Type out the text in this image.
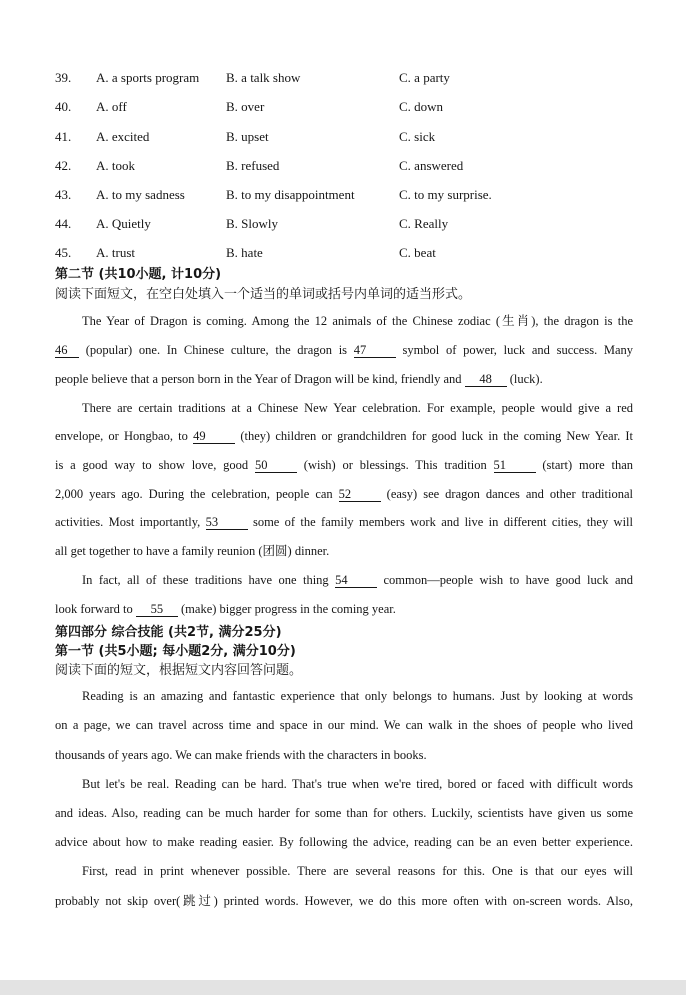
39. A. a sports program B. a talk show	C. a party
40. A. off	B. over	C. down
41. A. excited	B. upset	C. sick
42. A. took	B. refused	C. answered
43. A. to my sadness	B. to my disappointment	C. to my surprise.
44. A. Quietly	B. Slowly	C. Really
45. A. trust	B. hate	C. beat
第二节 (共10小题, 计10分)
阅读下面短文，在空白处填入一个适当的单词或括号内单词的适当形式。
The Year of Dragon is coming. Among the 12 animals of the Chinese zodiac (生肖), the dragon is the
46 (popular) one. In Chinese culture, the dragon is 47	symbol of power, luck and success. Many
people believe that a person born in the Year of Dragon will be kind, friendly and 48 (luck).
There are certain traditions at a Chinese New Year celebration. For example, people would give a red
envelope, or Hongbao, to 49	(they) children or grandchildren for good luck in the coming New Year. It
is a good way to show love, good 50	(wish) or blessings. This tradition 51	(start) more than
2,000 years ago. During the celebration, people can 52	(easy) see dragon dances and other traditional
activities. Most importantly, 53	some of the family members work and live in different cities, they will
all get together to have a family reunion (团圆) dinner.
In fact, all of these traditions have one thing 54	common—people wish to have good luck and
look forward to 55 (make) bigger progress in the coming year.
第四部分 综合技能 (共2节, 满分25分)
第一节 (共5小题; 每小题2分, 满分10分)
阅读下面的短文，根据短文内容回答问题。
Reading is an amazing and fantastic experience that only belongs to humans. Just by looking at words
on a page, we can travel across time and space in our mind. We can walk in the shoes of people who lived
thousands of years ago. We can make friends with the characters in books.
But let's be real. Reading can be hard. That's true when we're tired, bored or faced with difficult words
and ideas. Also, reading can be much harder for some than for others. Luckily, scientists have given us some
advice about how to make reading easier. By following the advice, reading can be an even better experience.
First, read in print whenever possible. There are several reasons for this. One is that our eyes will
probably not skip over(跳过) printed words. However, we do this more often with on-screen words. Also,
